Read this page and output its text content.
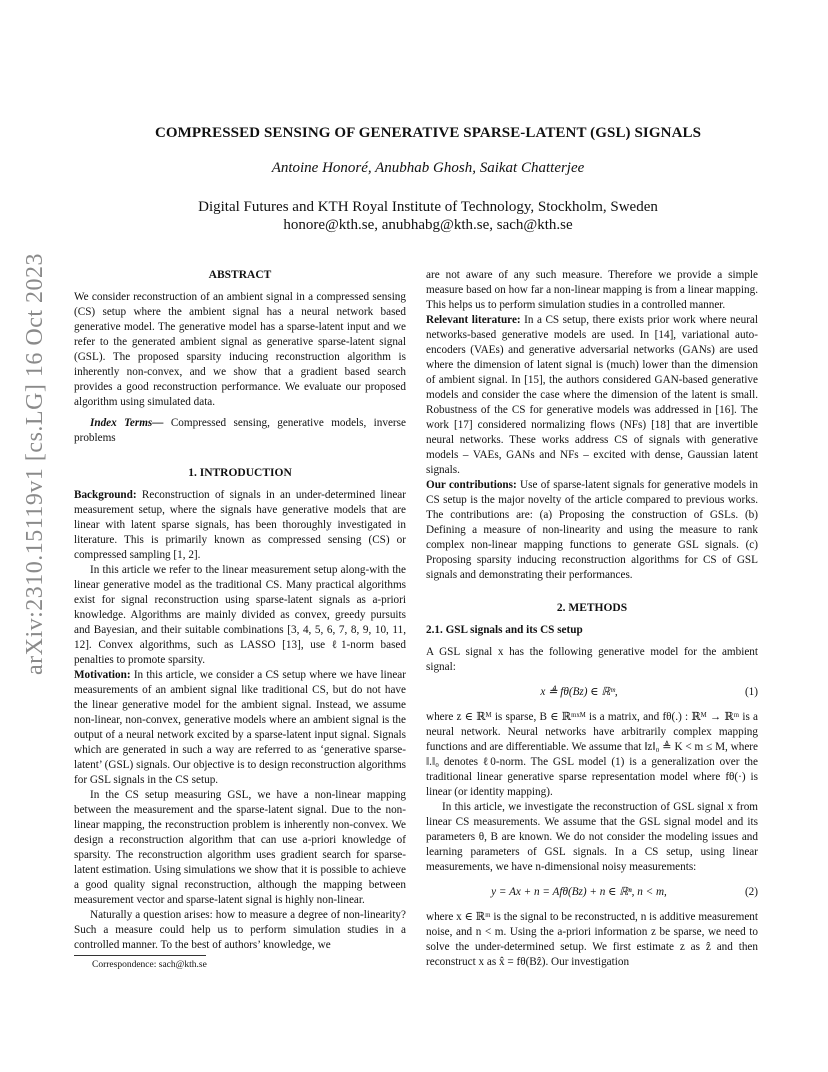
arXiv:2310.15119v1 [cs.LG] 16 Oct 2023
COMPRESSED SENSING OF GENERATIVE SPARSE-LATENT (GSL) SIGNALS
Antoine Honoré, Anubhab Ghosh, Saikat Chatterjee
Digital Futures and KTH Royal Institute of Technology, Stockholm, Sweden
honore@kth.se, anubhabg@kth.se, sach@kth.se
ABSTRACT

We consider reconstruction of an ambient signal in a compressed sensing (CS) setup where the ambient signal has a neural network based generative model. The generative model has a sparse-latent input and we refer to the generated ambient signal as generative sparse-latent signal (GSL). The proposed sparsity inducing reconstruction algorithm is inherently non-convex, and we show that a gradient based search provides a good reconstruction performance. We evaluate our proposed algorithm using simulated data.

Index Terms— Compressed sensing, generative models, inverse problems

1. INTRODUCTION

Background: Reconstruction of signals in an under-determined linear measurement setup, where the signals have generative models that are linear with latent sparse signals, has been thoroughly investigated in literature. This is primarily known as compressed sensing (CS) or compressed sampling [1, 2].

In this article we refer to the linear measurement setup along-with the linear generative model as the traditional CS. Many practical algorithms exist for signal reconstruction using sparse-latent signals as a-priori knowledge. Algorithms are mainly divided as convex, greedy pursuits and Bayesian, and their suitable combinations [3, 4, 5, 6, 7, 8, 9, 10, 11, 12]. Convex algorithms, such as LASSO [13], use ℓ1-norm based penalties to promote sparsity.

Motivation: In this article, we consider a CS setup where we have linear measurements of an ambient signal like traditional CS, but do not have the linear generative model for the ambient signal. Instead, we assume non-linear, non-convex, generative models where an ambient signal is the output of a neural network excited by a sparse-latent input signal. Signals which are generated in such a way are referred to as ‘generative sparse-latent’ (GSL) signals. Our objective is to design reconstruction algorithms for GSL signals in the CS setup.

In the CS setup measuring GSL, we have a non-linear mapping between the measurement and the sparse-latent signal. Due to the non-linear mapping, the reconstruction problem is inherently non-convex. We design a reconstruction algorithm that can use a-priori knowledge of sparsity. The reconstruction algorithm uses gradient search for sparse-latent estimation. Using simulations we show that it is possible to achieve a good quality signal reconstruction, although the mapping between measurement vector and sparse-latent signal is highly non-linear.

Naturally a question arises: how to measure a degree of non-linearity? Such a measure could help us to perform simulation studies in a controlled manner. To the best of authors’ knowledge, we

are not aware of any such measure. Therefore we provide a simple measure based on how far a non-linear mapping is from a linear mapping. This helps us to perform simulation studies in a controlled manner.

Relevant literature: In a CS setup, there exists prior work where neural networks-based generative models are used. In [14], variational auto-encoders (VAEs) and generative adversarial networks (GANs) are used where the dimension of latent signal is (much) lower than the dimension of ambient signal. In [15], the authors considered GAN-based generative models and consider the case where the dimension of the latent is small. Robustness of the CS for generative models was addressed in [16]. The work [17] considered normalizing flows (NFs) [18] that are invertible neural networks. These works address CS of signals with generative models – VAEs, GANs and NFs – excited with dense, Gaussian latent signals.

Our contributions: Use of sparse-latent signals for generative models in CS setup is the major novelty of the article compared to previous works. The contributions are: (a) Proposing the construction of GSLs. (b) Defining a measure of non-linearity and using the measure to rank complex non-linear mapping functions to generate GSL signals. (c) Proposing sparsity inducing reconstruction algorithms for CS of GSL signals and demonstrating their performances.

2. METHODS
2.1. GSL signals and its CS setup

A GSL signal x has the following generative model for the ambient signal:

x ≜ fθ(Bz) ∈ ℝᵐ,	(1)

where z ∈ ℝᴹ is sparse, B ∈ ℝᵐˣᴹ is a matrix, and fθ(.) : ℝᴹ → ℝᵐ is a neural network. Neural networks have arbitrarily complex mapping functions and are differentiable. We assume that ‖z‖₀ ≜ K < m ≤ M, where ‖.‖₀ denotes ℓ0-norm. The GSL model (1) is a generalization over the traditional linear generative sparse representation model where fθ(·) is linear (or identity mapping).

In this article, we investigate the reconstruction of GSL signal x from linear CS measurements. We assume that the GSL signal model and its parameters θ, B are known. We do not consider the modeling issues and learning parameters of GSL signals. In a CS setup, using linear measurements, we have n-dimensional noisy measurements:

y = Ax + n = Afθ(Bz) + n ∈ ℝⁿ, n < m,	(2)

where x ∈ ℝᵐ is the signal to be reconstructed, n is additive measurement noise, and n < m. Using the a-priori information z be sparse, we need to solve the under-determined setup. We first estimate z as ẑ and then reconstruct x as x̂ = fθ(Bẑ). Our investigation

Correspondence: sach@kth.se
